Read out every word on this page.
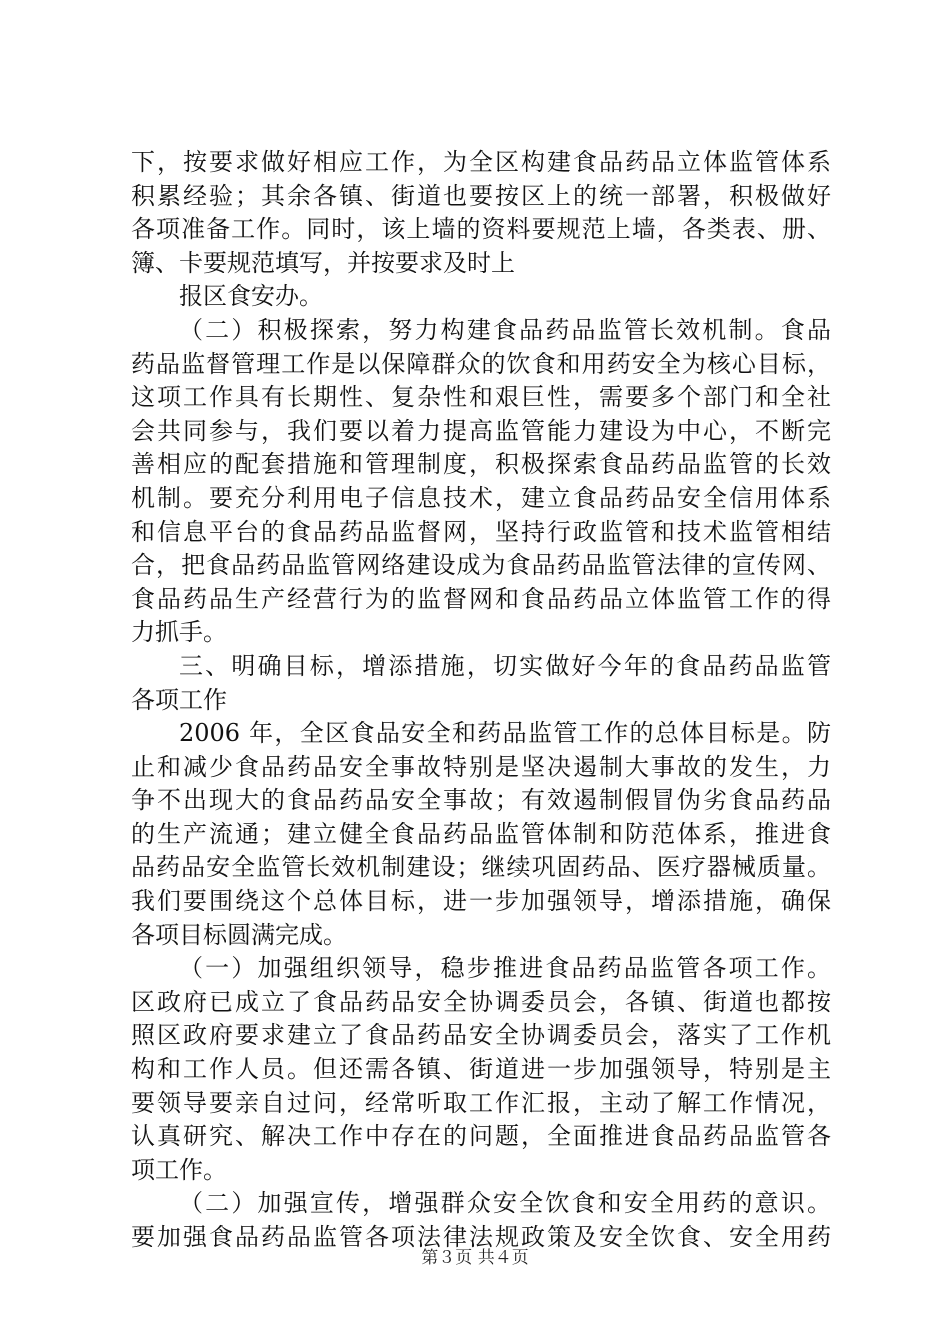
下，按要求做好相应工作，为全区构建食品药品立体监管体系
积累经验；其余各镇、街道也要按区上的统一部署，积极做好
各项准备工作。同时，该上墙的资料要规范上墙，各类表、册、
簿、卡要规范填写，并按要求及时上
报区食安办。
（二）积极探索，努力构建食品药品监管长效机制。食品
药品监督管理工作是以保障群众的饮食和用药安全为核心目标，
这项工作具有长期性、复杂性和艰巨性，需要多个部门和全社
会共同参与，我们要以着力提高监管能力建设为中心，不断完
善相应的配套措施和管理制度，积极探索食品药品监管的长效
机制。要充分利用电子信息技术，建立食品药品安全信用体系
和信息平台的食品药品监督网，坚持行政监管和技术监管相结
合，把食品药品监管网络建设成为食品药品监管法律的宣传网、
食品药品生产经营行为的监督网和食品药品立体监管工作的得
力抓手。
三、明确目标，增添措施，切实做好今年的食品药品监管
各项工作
2006 年，全区食品安全和药品监管工作的总体目标是。防
止和减少食品药品安全事故特别是坚决遏制大事故的发生，力
争不出现大的食品药品安全事故；有效遏制假冒伪劣食品药品
的生产流通；建立健全食品药品监管体制和防范体系，推进食
品药品安全监管长效机制建设；继续巩固药品、医疗器械质量。
我们要围绕这个总体目标，进一步加强领导，增添措施，确保
各项目标圆满完成。
（一）加强组织领导，稳步推进食品药品监管各项工作。
区政府已成立了食品药品安全协调委员会，各镇、街道也都按
照区政府要求建立了食品药品安全协调委员会，落实了工作机
构和工作人员。但还需各镇、街道进一步加强领导，特别是主
要领导要亲自过问，经常听取工作汇报，主动了解工作情况，
认真研究、解决工作中存在的问题，全面推进食品药品监管各
项工作。
（二）加强宣传，增强群众安全饮食和安全用药的意识。
要加强食品药品监管各项法律法规政策及安全饮食、安全用药
第３页 共４页
